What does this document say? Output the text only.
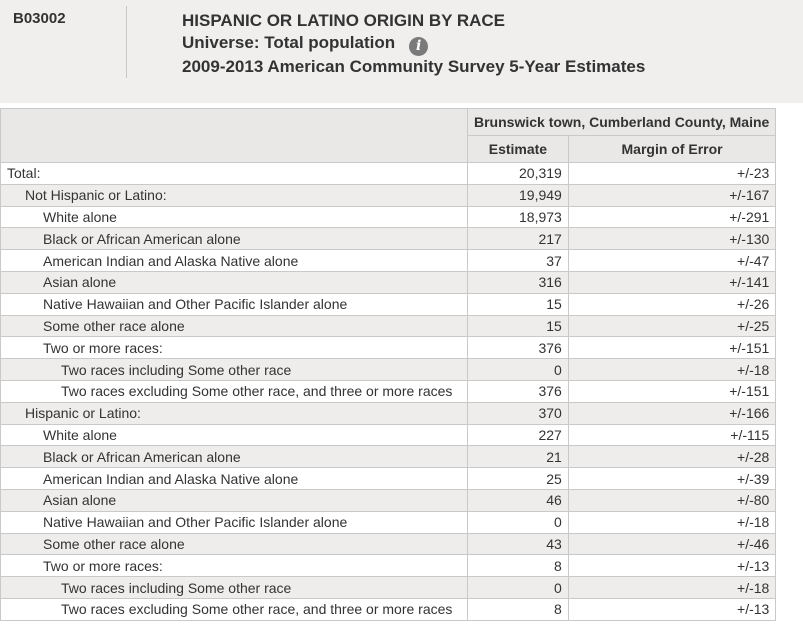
B03002	HISPANIC OR LATINO ORIGIN BY RACE
Universe: Total population i
2009-2013 American Community Survey 5-Year Estimates
	Brunswick town, Cumberland County, Maine	
	Estimate	Margin of Error
Total:	20,319	+/-23
Not Hispanic or Latino:	19,949	+/-167
White alone	18,973	+/-291
Black or African American alone	217	+/-130
American Indian and Alaska Native alone	37	+/-47
Asian alone	316	+/-141
Native Hawaiian and Other Pacific Islander alone	15	+/-26
Some other race alone	15	+/-25
Two or more races:	376	+/-151
Two races including Some other race	0	+/-18
Two races excluding Some other race, and three or more races	376	+/-151
Hispanic or Latino:	370	+/-166
White alone	227	+/-115
Black or African American alone	21	+/-28
American Indian and Alaska Native alone	25	+/-39
Asian alone	46	+/-80
Native Hawaiian and Other Pacific Islander alone	0	+/-18
Some other race alone	43	+/-46
Two or more races:	8	+/-13
Two races including Some other race	0	+/-18
Two races excluding Some other race, and three or more races	8	+/-13
